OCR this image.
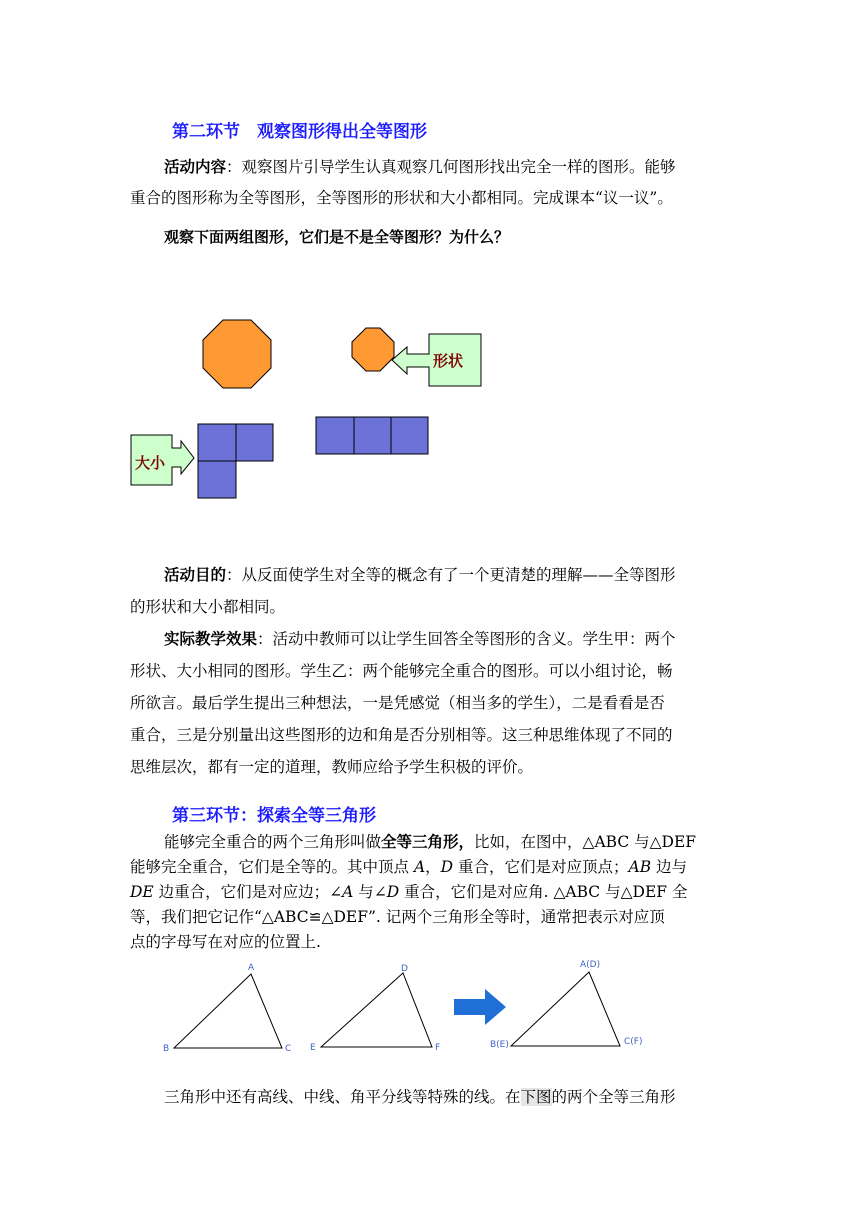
第二环节　观察图形得出全等图形
活动内容：观察图片引导学生认真观察几何图形找出完全一样的图形。能够
重合的图形称为全等图形，全等图形的形状和大小都相同。完成课本“议一议”。
观察下面两组图形，它们是不是全等图形？为什么？
形状
大小
活动目的：从反面使学生对全等的概念有了一个更清楚的理解——全等图形
的形状和大小都相同。
实际教学效果：活动中教师可以让学生回答全等图形的含义。学生甲：两个
形状、大小相同的图形。学生乙：两个能够完全重合的图形。可以小组讨论，畅
所欲言。最后学生提出三种想法，一是凭感觉（相当多的学生），二是看看是否
重合，三是分别量出这些图形的边和角是否分别相等。这三种思维体现了不同的
思维层次，都有一定的道理，教师应给予学生积极的评价。
第三环节：探索全等三角形
能够完全重合的两个三角形叫做全等三角形，比如，在图中，△ABC 与△DEF
能够完全重合，它们是全等的。其中顶点 A，D 重合，它们是对应顶点；AB 边与
DE 边重合，它们是对应边；∠A 与∠D 重合，它们是对应角. △ABC 与△DEF 全
等，我们把它记作“△ABC≌△DEF”. 记两个三角形全等时，通常把表示对应顶
点的字母写在对应的位置上.
A
B	C
D
E	F
A(D)
B(E)	C(F)
三角形中还有高线、中线、角平分线等特殊的线。在下图的两个全等三角形
